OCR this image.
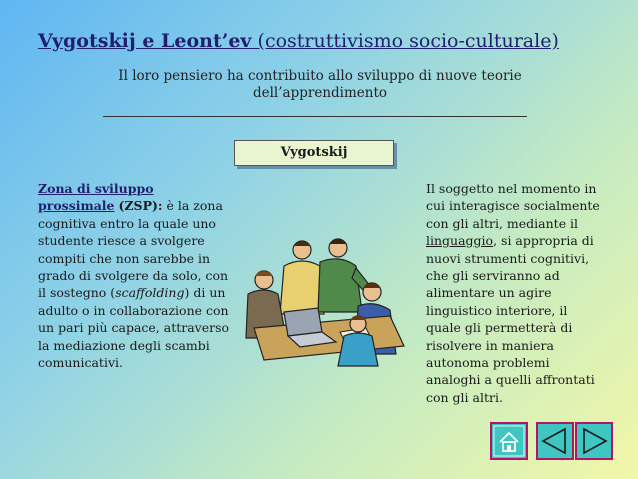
Vygotskij e Leont’ev (costruttivismo socio-culturale)
Il loro pensiero ha contribuito allo sviluppo di nuove teorie dell’apprendimento
Vygotskij
Zona di sviluppo prossimale (ZSP): è la zona cognitiva entro la quale uno studente riesce a svolgere compiti che non sarebbe in grado di svolgere da solo, con il sostegno (scaffolding) di un adulto o in collaborazione con un pari più capace, attraverso la mediazione degli scambi comunicativi.
Il soggetto nel momento in cui interagisce socialmente con gli altri, mediante il linguaggio, si appropria di nuovi strumenti cognitivi, che gli serviranno ad alimentare un agire linguistico interiore, il quale gli permetterà di risolvere in maniera autonoma problemi analoghi a quelli affrontati con gli altri.
